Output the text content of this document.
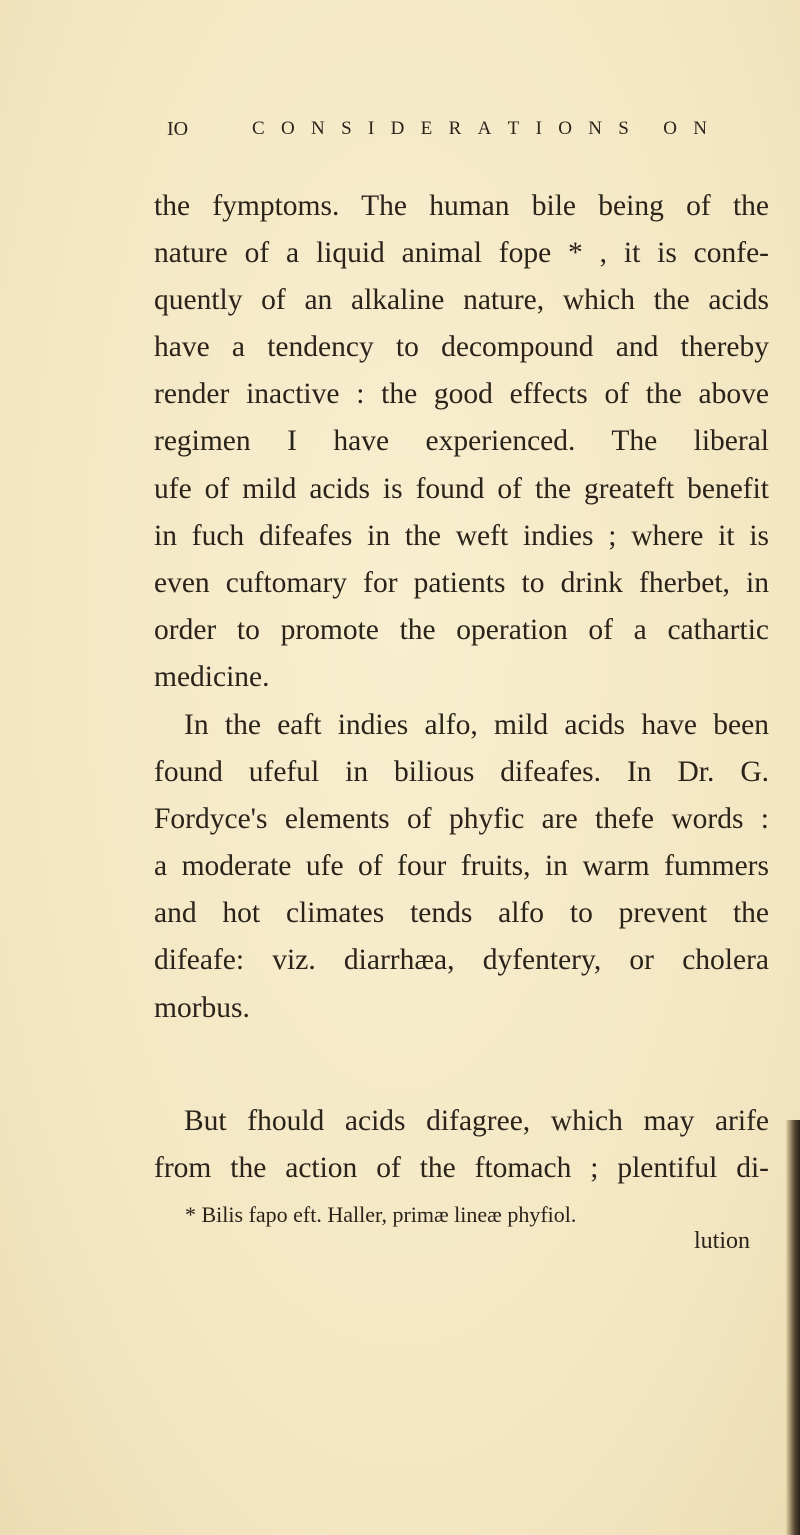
IO	C O N S I D E R A T I O N S O N
the fymptoms. The human bile being of the
nature of a liquid animal fope * , it is confe-
quently of an alkaline nature, which the acids
have a tendency to decompound and thereby
render inactive : the good effects of the above
regimen I have experienced. The liberal
ufe of mild acids is found of the greateft benefit
in fuch difeafes in the weft indies ; where it is
even cuftomary for patients to drink fherbet, in
order to promote the operation of a cathartic
medicine.
In the eaft indies alfo, mild acids have been
found ufeful in bilious difeafes. In Dr. G.
Fordyce's elements of phyfic are thefe words :
a moderate ufe of four fruits, in warm fummers
and hot climates tends alfo to prevent the
difeafe: viz. diarrhæa, dyfentery, or cholera
morbus.
But fhould acids difagree, which may arife
from the action of the ftomach ; plentiful di-
* Bilis fapo eft. Haller, primæ lineæ phyfiol.
lution
